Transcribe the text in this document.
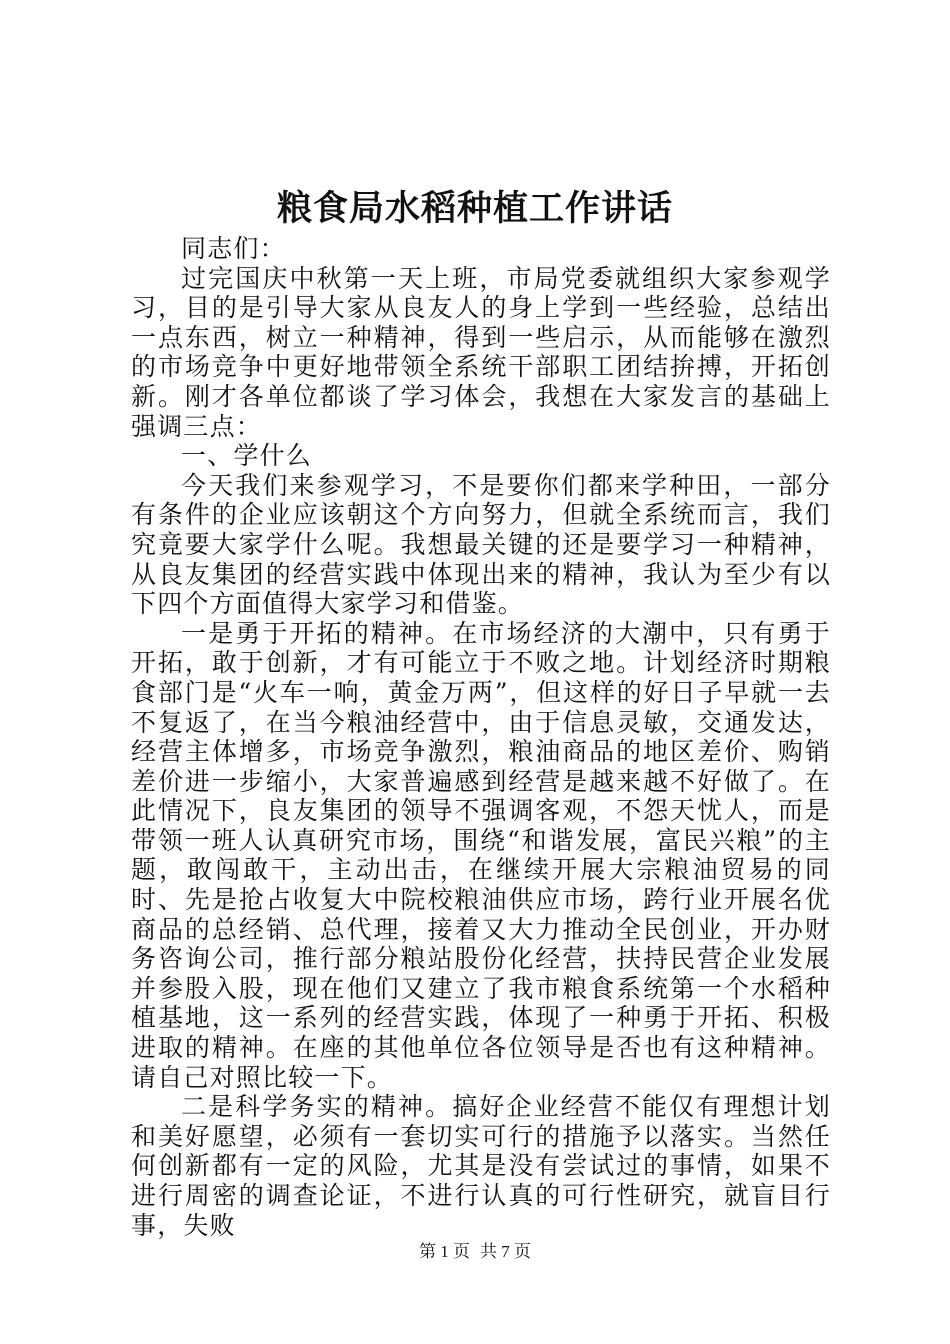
粮食局水稻种植工作讲话

同志们：

过完国庆中秋第一天上班，市局党委就组织大家参观学习，目的是引导大家从良友人的身上学到一些经验，总结出一点东西，树立一种精神，得到一些启示，从而能够在激烈的市场竞争中更好地带领全系统干部职工团结拚搏，开拓创新。刚才各单位都谈了学习体会，我想在大家发言的基础上强调三点：

一、学什么

今天我们来参观学习，不是要你们都来学种田，一部分有条件的企业应该朝这个方向努力，但就全系统而言，我们究竟要大家学什么呢。我想最关键的还是要学习一种精神，从良友集团的经营实践中体现出来的精神，我认为至少有以下四个方面值得大家学习和借鉴。

一是勇于开拓的精神。在市场经济的大潮中，只有勇于开拓，敢于创新，才有可能立于不败之地。计划经济时期粮食部门是“火车一响，黄金万两”，但这样的好日子早就一去不复返了，在当今粮油经营中，由于信息灵敏，交通发达，经营主体增多，市场竞争激烈，粮油商品的地区差价、购销差价进一步缩小，大家普遍感到经营是越来越不好做了。在此情况下，良友集团的领导不强调客观，不怨天忧人，而是带领一班人认真研究市场，围绕“和谐发展，富民兴粮”的主题，敢闯敢干，主动出击，在继续开展大宗粮油贸易的同时、先是抢占收复大中院校粮油供应市场，跨行业开展名优商品的总经销、总代理，接着又大力推动全民创业，开办财务咨询公司，推行部分粮站股份化经营，扶持民营企业发展并参股入股，现在他们又建立了我市粮食系统第一个水稻种植基地，这一系列的经营实践，体现了一种勇于开拓、积极进取的精神。在座的其他单位各位领导是否也有这种精神。请自己对照比较一下。

二是科学务实的精神。搞好企业经营不能仅有理想计划和美好愿望，必须有一套切实可行的措施予以落实。当然任何创新都有一定的风险，尤其是没有尝试过的事情，如果不进行周密的调查论证，不进行认真的可行性研究，就盲目行事，失败

第 1 页 共 7 页
